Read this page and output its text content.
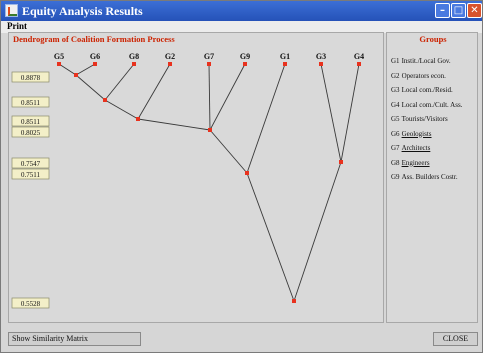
Equity Analysis Results	– □ ✕
Print
0.8878
0.8511
0.8511
0.8025
0.7547
0.7511
0.5528
G5	G6	G8	G2	G7	G9	G1	G3	G4
Dendrogram of Coalition Formation Process	Groups
G1 Instit./Local Gov.
G2 Operators econ.
G3 Local com./Resid.
G4 Local com./Cult. Ass.
G5 Tourists/Visitors
G6 Geologists
G7 Architects
G8 Engineers
G9 Ass. Builders Costr.
Show Similarity Matrix	CLOSE
